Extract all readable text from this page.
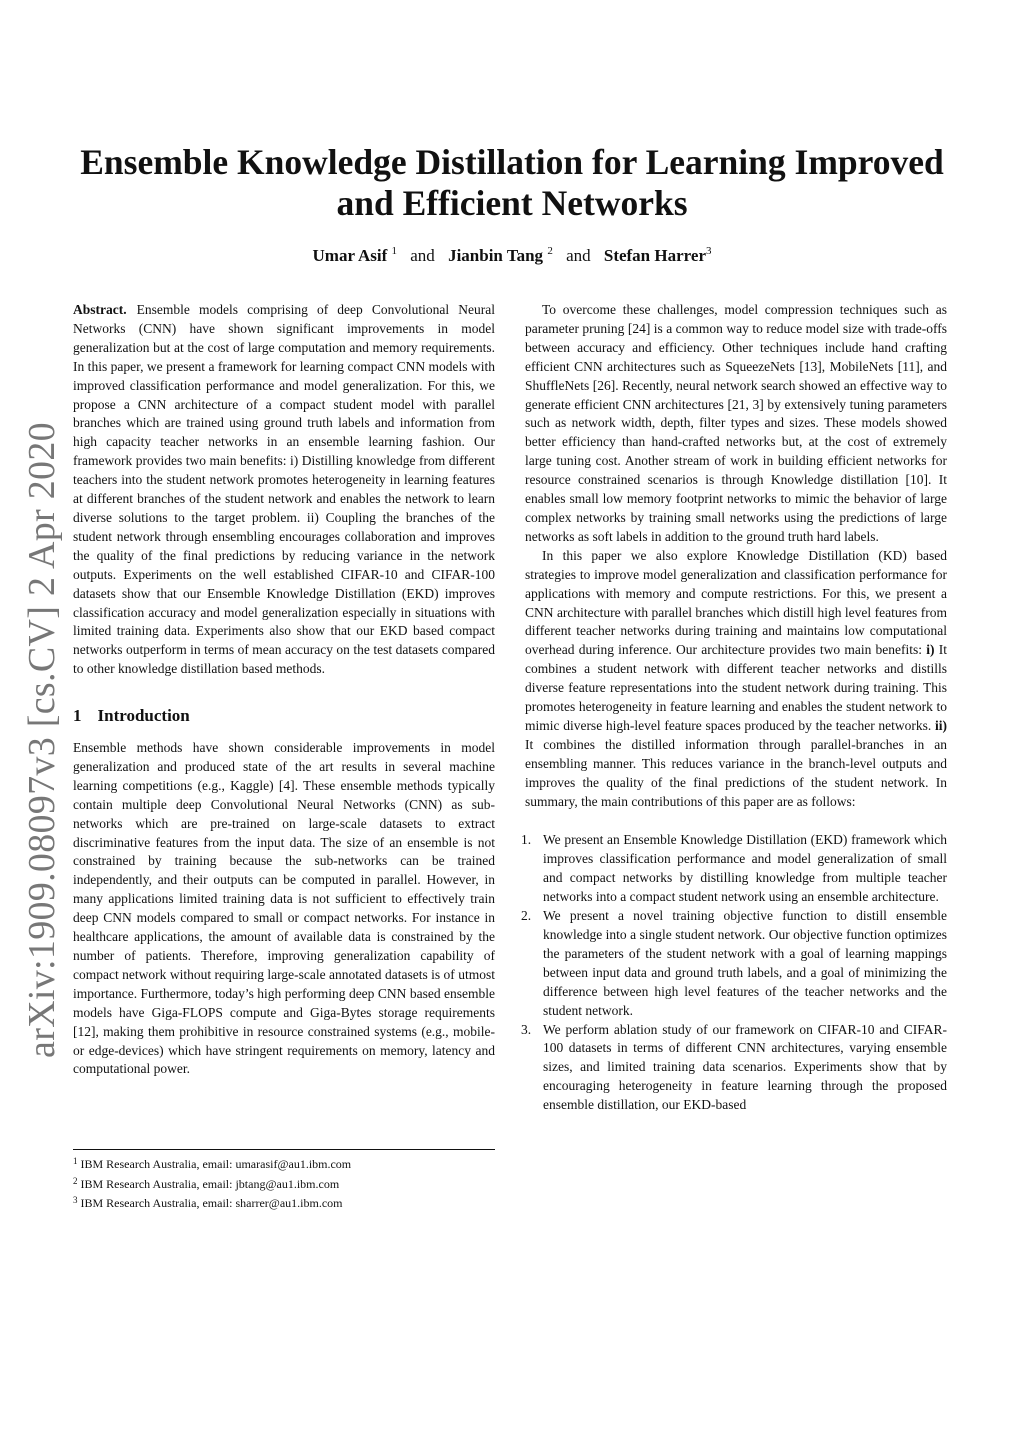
arXiv:1909.08097v3 [cs.CV] 2 Apr 2020
Ensemble Knowledge Distillation for Learning Improved
and Efficient Networks
Umar Asif $^1$ and Jianbin Tang $^2$ and Stefan Harrer$^3$

Abstract. Ensemble models comprising of deep Convolutional Neural Networks (CNN) have shown significant improvements in model generalization but at the cost of large computation and memory requirements. In this paper, we present a framework for learning compact CNN models with improved classification performance and model generalization. For this, we propose a CNN architecture of a compact student model with parallel branches which are trained using ground truth labels and information from high capacity teacher networks in an ensemble learning fashion. Our framework provides two main benefits: i) Distilling knowledge from different teachers into the student network promotes heterogeneity in learning features at different branches of the student network and enables the network to learn diverse solutions to the target problem. ii) Coupling the branches of the student network through ensembling encourages collaboration and improves the quality of the final predictions by reducing variance in the network outputs. Experiments on the well established CIFAR-10 and CIFAR-100 datasets show that our Ensemble Knowledge Distillation (EKD) improves classification accuracy and model generalization especially in situations with limited training data. Experiments also show that our EKD based compact networks outperform in terms of mean accuracy on the test datasets compared to other knowledge distillation based methods.

1 Introduction

Ensemble methods have shown considerable improvements in model generalization and produced state of the art results in several machine learning competitions (e.g., Kaggle) [4]. These ensemble methods typically contain multiple deep Convolutional Neural Networks (CNN) as sub-networks which are pre-trained on large-scale datasets to extract discriminative features from the input data. The size of an ensemble is not constrained by training because the sub-networks can be trained independently, and their outputs can be computed in parallel. However, in many applications limited training data is not sufficient to effectively train deep CNN models compared to small or compact networks. For instance in healthcare applications, the amount of available data is constrained by the number of patients. Therefore, improving generalization capability of compact network without requiring large-scale annotated datasets is of utmost importance. Furthermore, today’s high performing deep CNN based ensemble models have Giga-FLOPS compute and Giga-Bytes storage requirements [12], making them prohibitive in resource constrained systems (e.g., mobile- or edge-devices) which have stringent requirements on memory, latency and computational power.

$^1$ IBM Research Australia, email: umarasif@au1.ibm.com
$^2$ IBM Research Australia, email: jbtang@au1.ibm.com
$^3$ IBM Research Australia, email: sharrer@au1.ibm.com

To overcome these challenges, model compression techniques such as parameter pruning [24] is a common way to reduce model size with trade-offs between accuracy and efficiency. Other techniques include hand crafting efficient CNN architectures such as SqueezeNets [13], MobileNets [11], and ShuffleNets [26]. Recently, neural network search showed an effective way to generate efficient CNN architectures [21, 3] by extensively tuning parameters such as network width, depth, filter types and sizes. These models showed better efficiency than hand-crafted networks but, at the cost of extremely large tuning cost. Another stream of work in building efficient networks for resource constrained scenarios is through Knowledge distillation [10]. It enables small low memory footprint networks to mimic the behavior of large complex networks by training small networks using the predictions of large networks as soft labels in addition to the ground truth hard labels.

In this paper we also explore Knowledge Distillation (KD) based strategies to improve model generalization and classification performance for applications with memory and compute restrictions. For this, we present a CNN architecture with parallel branches which distill high level features from different teacher networks during training and maintains low computational overhead during inference. Our architecture provides two main benefits: i) It combines a student network with different teacher networks and distills diverse feature representations into the student network during training. This promotes heterogeneity in feature learning and enables the student network to mimic diverse high-level feature spaces produced by the teacher networks. ii) It combines the distilled information through parallel-branches in an ensembling manner. This reduces variance in the branch-level outputs and improves the quality of the final predictions of the student network. In summary, the main contributions of this paper are as follows:

1. We present an Ensemble Knowledge Distillation (EKD) framework which improves classification performance and model generalization of small and compact networks by distilling knowledge from multiple teacher networks into a compact student network using an ensemble architecture.
2. We present a novel training objective function to distill ensemble knowledge into a single student network. Our objective function optimizes the parameters of the student network with a goal of learning mappings between input data and ground truth labels, and a goal of minimizing the difference between high level features of the teacher networks and the student network.
3. We perform ablation study of our framework on CIFAR-10 and CIFAR-100 datasets in terms of different CNN architectures, varying ensemble sizes, and limited training data scenarios. Experiments show that by encouraging heterogeneity in feature learning through the proposed ensemble distillation, our EKD-based
